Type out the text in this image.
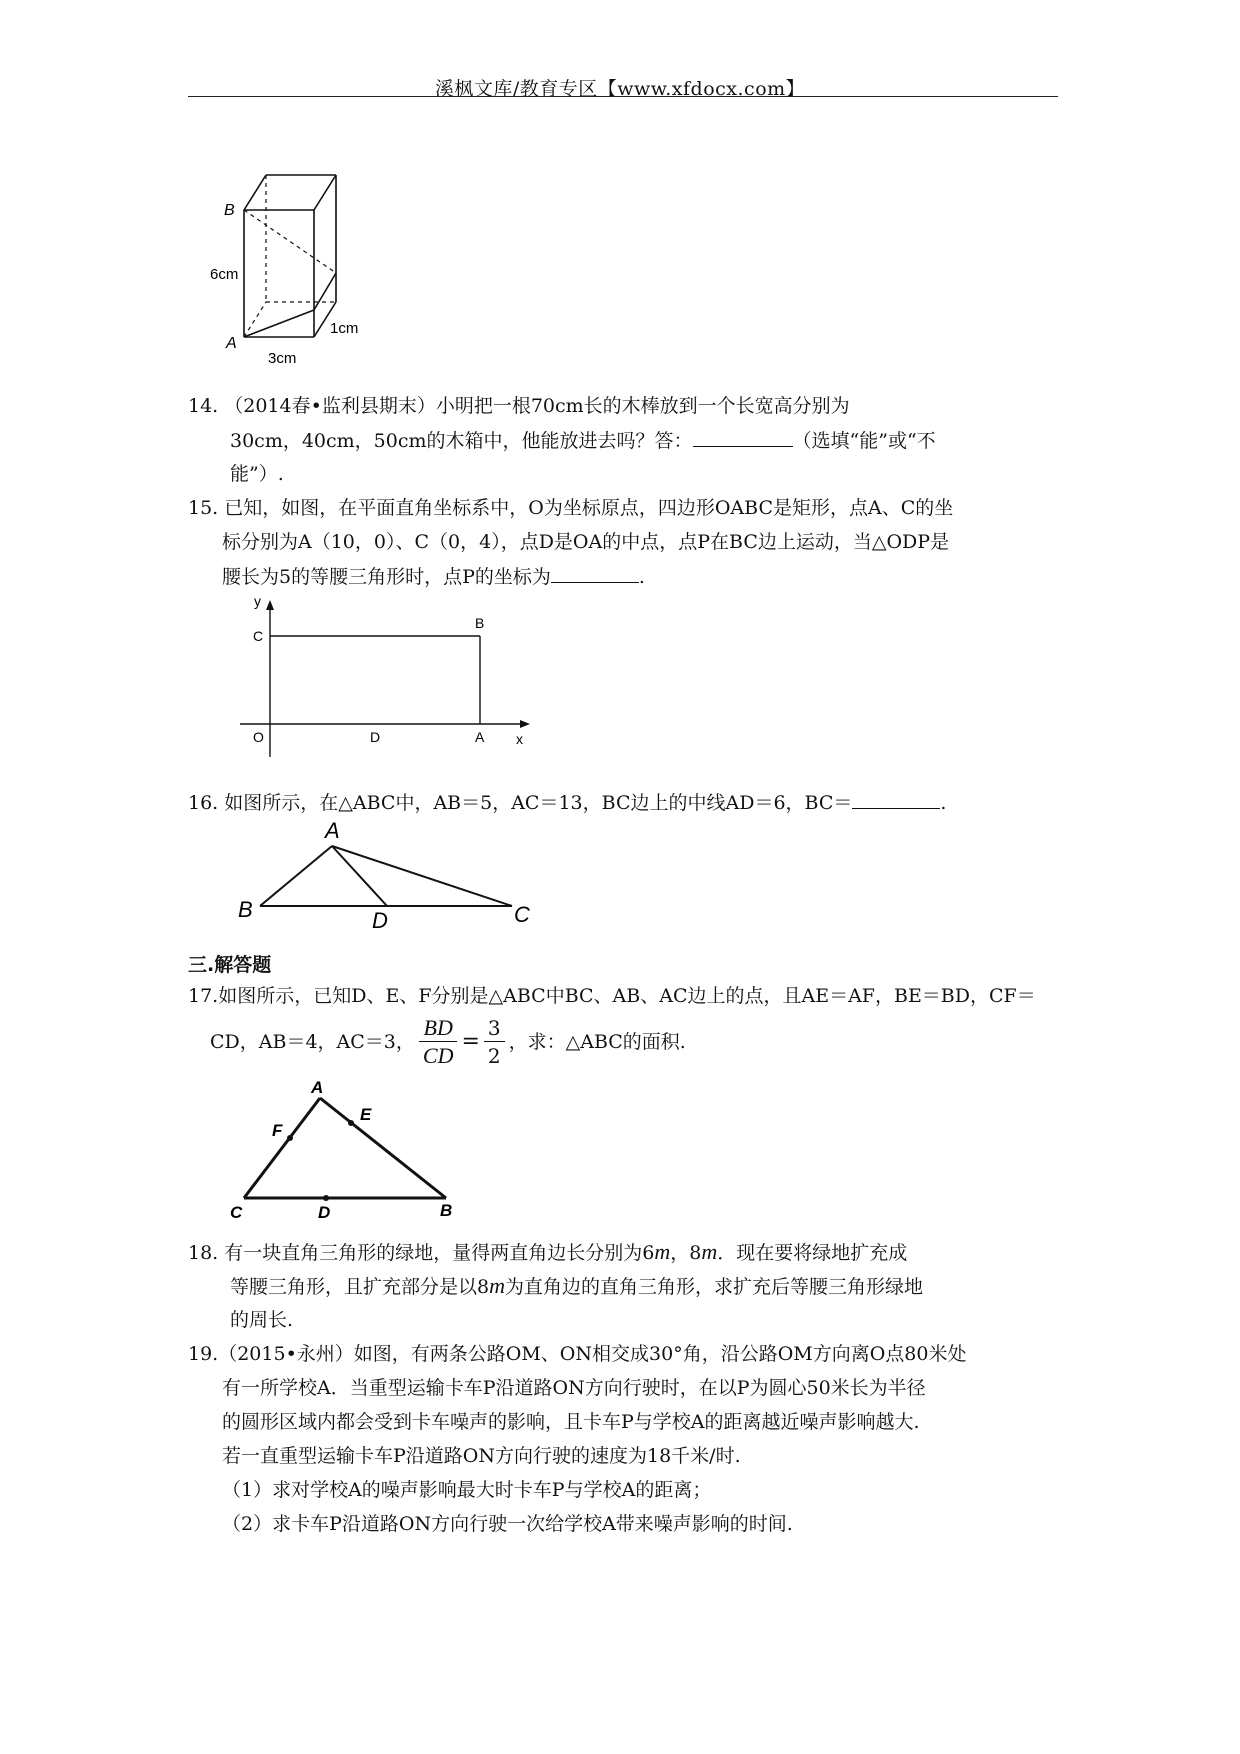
溪枫文库/教育专区【www.xfdocx.com】
B
A
6cm
1cm
3cm
14. （2014春•监利县期末）小明把一根70cm长的木棒放到一个长宽高分别为
30cm，40cm，50cm的木箱中，他能放进去吗？答：	（选填“能”或“不
能”）.
15. 已知，如图，在平面直角坐标系中，O为坐标原点，四边形OABC是矩形，点A、C的坐
标分别为A（10，0）、C（0，4），点D是OA的中点，点P在BC边上运动，当△ODP是
腰长为5的等腰三角形时，点P的坐标为	.
y
x
C
B
O	D	A
16. 如图所示，在△ABC中，AB＝5，AC＝13，BC边上的中线AD＝6，BC＝	.
A
B	C
D
三.解答题
17.如图所示，已知D、E、F分别是△ABC中BC、AB、AC边上的点，且AE＝AF，BE＝BD，CF＝
CD，AB＝4，AC＝3， $\frac{BD}{CD} = \frac{3}{2}$ ，求：△ABC的面积.
A
C	D	B
E
F
18. 有一块直角三角形的绿地，量得两直角边长分别为6m，8m．现在要将绿地扩充成
等腰三角形，且扩充部分是以8m为直角边的直角三角形，求扩充后等腰三角形绿地
的周长.
19.（2015•永州）如图，有两条公路OM、ON相交成30°角，沿公路OM方向离O点80米处
有一所学校A．当重型运输卡车P沿道路ON方向行驶时，在以P为圆心50米长为半径
的圆形区域内都会受到卡车噪声的影响，且卡车P与学校A的距离越近噪声影响越大.
若一直重型运输卡车P沿道路ON方向行驶的速度为18千米/时.
（1）求对学校A的噪声影响最大时卡车P与学校A的距离；
（2）求卡车P沿道路ON方向行驶一次给学校A带来噪声影响的时间.
